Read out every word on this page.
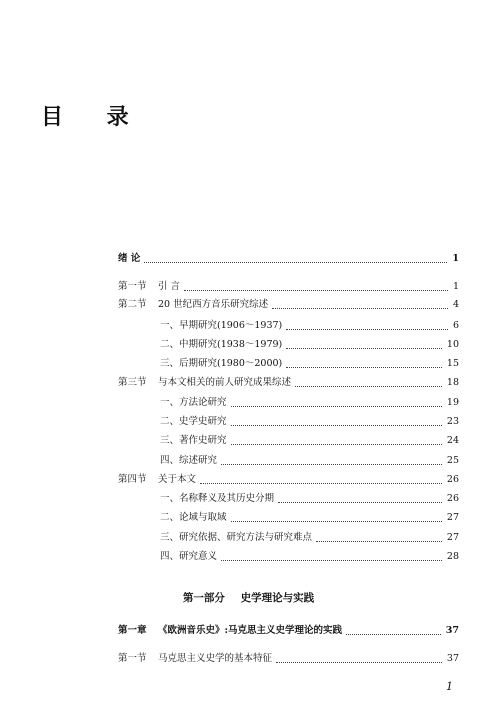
目 录
绪 论	1
第一节 引 言	1
第二节 20 世纪西方音乐研究综述	4
一、早期研究(1906～1937)	6
二、中期研究(1938～1979)	10
三、后期研究(1980～2000)	15
第三节 与本文相关的前人研究成果综述	18
一、方法论研究	19
二、史学史研究	23
三、著作史研究	24
四、综述研究	25
第四节 关于本文	26
一、名称释义及其历史分期	26
二、论域与取域	27
三、研究依据、研究方法与研究难点	27
四、研究意义	28
第一部分 史学理论与实践
第一章 《欧洲音乐史》:马克思主义史学理论的实践	37
第一节 马克思主义史学的基本特征	37
1
